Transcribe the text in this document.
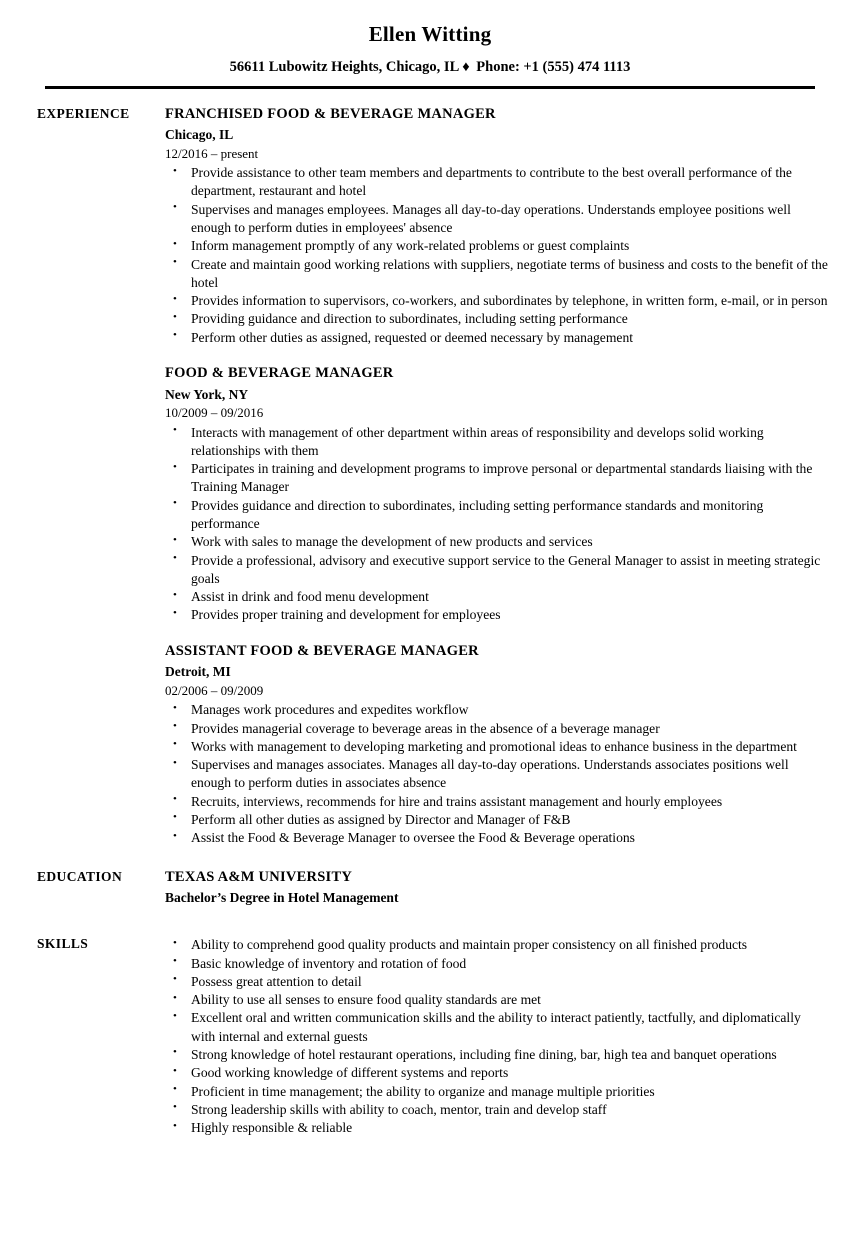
Ellen Witting
56611 Lubowitz Heights, Chicago, IL ♦ Phone: +1 (555) 474 1113
EXPERIENCE	FRANCHISED FOOD & BEVERAGE MANAGER
Chicago, IL
12/2016 – present
• Provide assistance to other team members and departments to contribute to the best overall performance of the department, restaurant and hotel
• Supervises and manages employees. Manages all day-to-day operations. Understands employee positions well enough to perform duties in employees' absence
• Inform management promptly of any work-related problems or guest complaints
• Create and maintain good working relations with suppliers, negotiate terms of business and costs to the benefit of the hotel
• Provides information to supervisors, co-workers, and subordinates by telephone, in written form, e-mail, or in person
• Providing guidance and direction to subordinates, including setting performance
• Perform other duties as assigned, requested or deemed necessary by management
FOOD & BEVERAGE MANAGER
New York, NY
10/2009 – 09/2016
• Interacts with management of other department within areas of responsibility and develops solid working relationships with them
• Participates in training and development programs to improve personal or departmental standards liaising with the Training Manager
• Provides guidance and direction to subordinates, including setting performance standards and monitoring performance
• Work with sales to manage the development of new products and services
• Provide a professional, advisory and executive support service to the General Manager to assist in meeting strategic goals
• Assist in drink and food menu development
• Provides proper training and development for employees
ASSISTANT FOOD & BEVERAGE MANAGER
Detroit, MI
02/2006 – 09/2009
• Manages work procedures and expedites workflow
• Provides managerial coverage to beverage areas in the absence of a beverage manager
• Works with management to developing marketing and promotional ideas to enhance business in the department
• Supervises and manages associates. Manages all day-to-day operations. Understands associates positions well enough to perform duties in associates absence
• Recruits, interviews, recommends for hire and trains assistant management and hourly employees
• Perform all other duties as assigned by Director and Manager of F&B
• Assist the Food & Beverage Manager to oversee the Food & Beverage operations
EDUCATION	TEXAS A&M UNIVERSITY
Bachelor’s Degree in Hotel Management
SKILLS	• Ability to comprehend good quality products and maintain proper consistency on all finished products
• Basic knowledge of inventory and rotation of food
• Possess great attention to detail
• Ability to use all senses to ensure food quality standards are met
• Excellent oral and written communication skills and the ability to interact patiently, tactfully, and diplomatically with internal and external guests
• Strong knowledge of hotel restaurant operations, including fine dining, bar, high tea and banquet operations
• Good working knowledge of different systems and reports
• Proficient in time management; the ability to organize and manage multiple priorities
• Strong leadership skills with ability to coach, mentor, train and develop staff
• Highly responsible & reliable
